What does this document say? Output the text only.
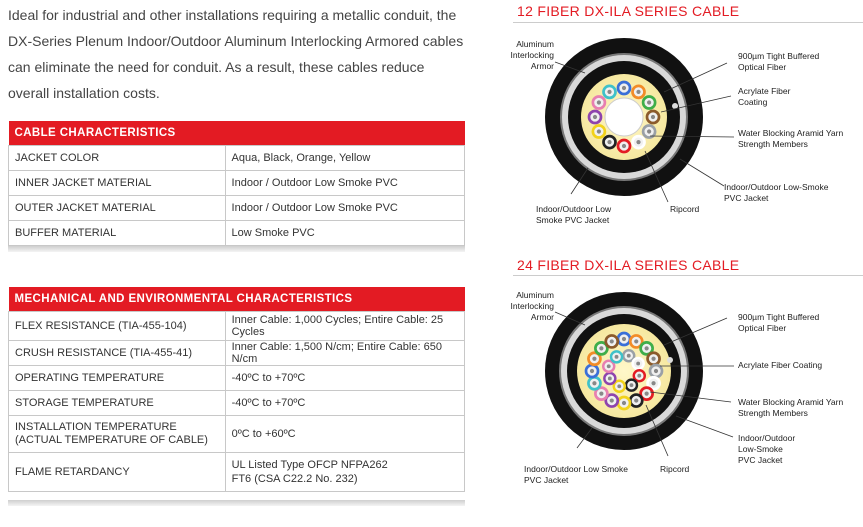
Ideal for industrial and other installations requiring a metallic conduit, the DX-Series Plenum Indoor/Outdoor Aluminum Interlocking Armored cables can eliminate the need for conduit. As a result, these cables reduce overall installation costs.

CABLE CHARACTERISTICS	
JACKET COLOR	Aqua, Black, Orange, Yellow
INNER JACKET MATERIAL	Indoor / Outdoor Low Smoke PVC
OUTER JACKET MATERIAL	Indoor / Outdoor Low Smoke PVC
BUFFER MATERIAL	Low Smoke PVC
MECHANICAL AND ENVIRONMENTAL CHARACTERISTICS	
FLEX RESISTANCE (TIA-455-104)	Inner Cable: 1,000 Cycles; Entire Cable: 25 Cycles
CRUSH RESISTANCE (TIA-455-41)	Inner Cable: 1,500 N/cm; Entire Cable: 650 N/cm
OPERATING TEMPERATURE	-40ºC to +70ºC
STORAGE TEMPERATURE	-40ºC to +70ºC
INSTALLATION TEMPERATURE (ACTUAL TEMPERATURE OF CABLE)	0ºC to +60ºC
FLAME RETARDANCY	UL Listed Type OFCP NFPA262
FT6 (CSA C22.2 No. 232)
12 FIBER DX-ILA SERIES CABLE
24 FIBER DX-ILA SERIES CABLE
Aluminum Interlocking Armor
900µm Tight Buffered Optical Fiber
Acrylate Fiber Coating
Water Blocking Aramid Yarn Strength Members
Indoor/Outdoor Low-Smoke PVC Jacket
Ripcord
Indoor/Outdoor Low Smoke PVC Jacket
Aluminum Interlocking Armor	900µm Tight Buffered Optical Fiber
Acrylate Fiber Coating
Water Blocking Aramid Yarn Strength Members
Indoor/Outdoor Low-Smoke PVC Jacket
Ripcord
Indoor/Outdoor Low Smoke PVC Jacket
